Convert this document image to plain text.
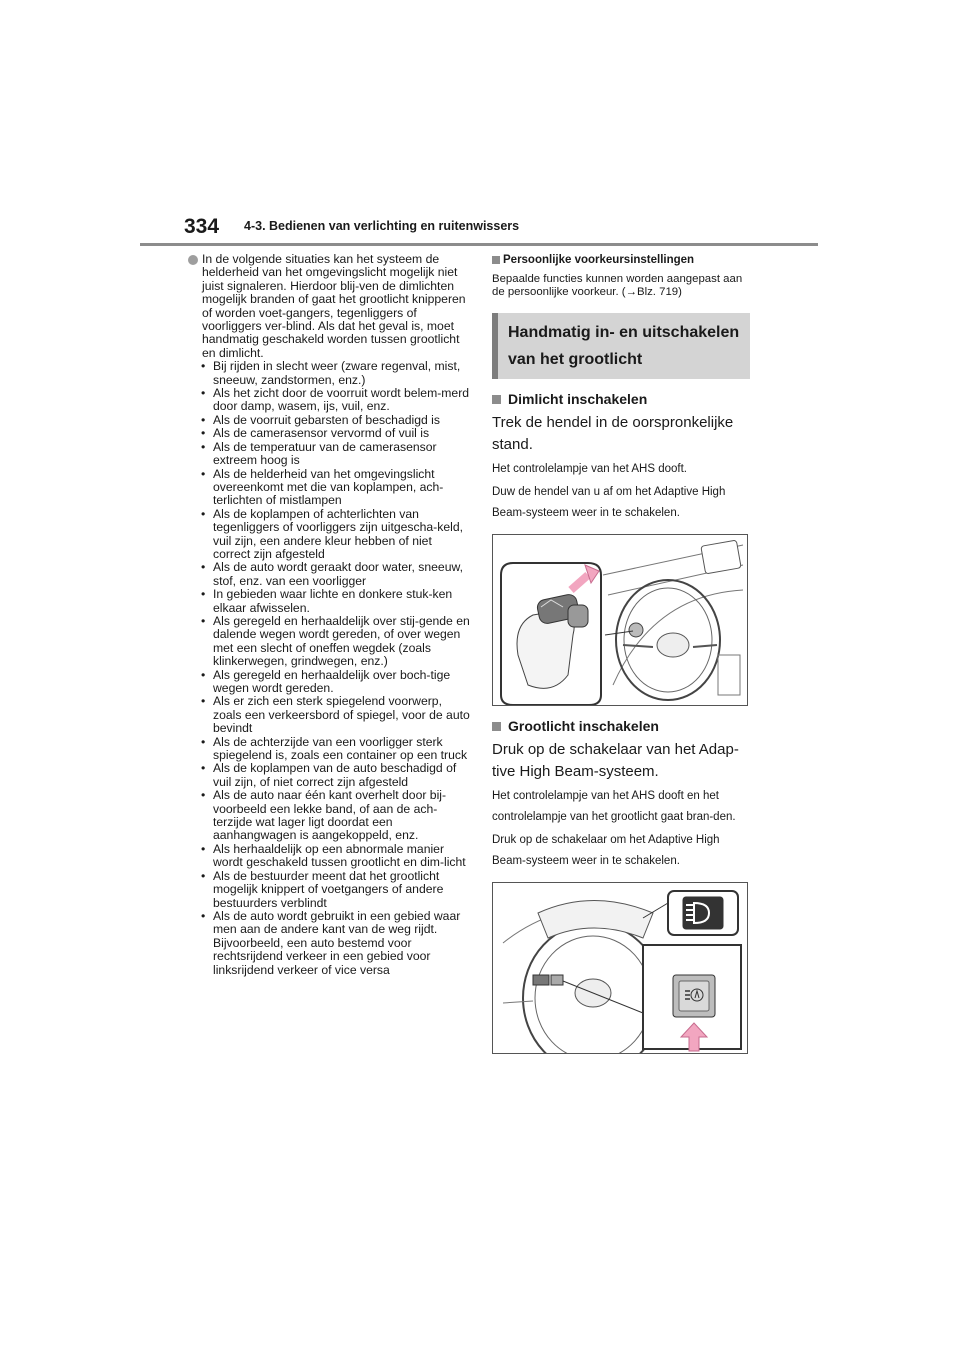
334 4-3. Bedienen van verlichting en ruitenwissers

In de volgende situaties kan het systeem de helderheid van het omgevingslicht mogelijk niet juist signaleren. Hierdoor blij-ven de dimlichten mogelijk branden of gaat het grootlicht knipperen of worden voet-gangers, tegenliggers of voorliggers ver-blind. Als dat het geval is, moet handmatig geschakeld worden tussen grootlicht en dimlicht.

• Bij rijden in slecht weer (zware regenval, mist, sneeuw, zandstormen, enz.)
• Als het zicht door de voorruit wordt belem-merd door damp, wasem, ijs, vuil, enz.
• Als de voorruit gebarsten of beschadigd is
• Als de camerasensor vervormd of vuil is
• Als de temperatuur van de camerasensor extreem hoog is
• Als de helderheid van het omgevingslicht overeenkomt met die van koplampen, ach-terlichten of mistlampen
• Als de koplampen of achterlichten van tegenliggers of voorliggers zijn uitgescha-keld, vuil zijn, een andere kleur hebben of niet correct zijn afgesteld
• Als de auto wordt geraakt door water, sneeuw, stof, enz. van een voorligger
• In gebieden waar lichte en donkere stuk-ken elkaar afwisselen.
• Als geregeld en herhaaldelijk over stij-gende en dalende wegen wordt gereden, of over wegen met een slecht of oneffen wegdek (zoals klinkerwegen, grindwegen, enz.)
• Als geregeld en herhaaldelijk over boch-tige wegen wordt gereden.
• Als er zich een sterk spiegelend voorwerp, zoals een verkeersbord of spiegel, voor de auto bevindt
• Als de achterzijde van een voorligger sterk spiegelend is, zoals een container op een truck
• Als de koplampen van de auto beschadigd of vuil zijn, of niet correct zijn afgesteld
• Als de auto naar één kant overhelt door bij-voorbeeld een lekke band, of aan de ach-terzijde wat lager ligt doordat een aanhangwagen is aangekoppeld, enz.
• Als herhaaldelijk op een abnormale manier wordt geschakeld tussen grootlicht en dim-licht
• Als de bestuurder meent dat het grootlicht mogelijk knippert of voetgangers of andere bestuurders verblindt
• Als de auto wordt gebruikt in een gebied waar men aan de andere kant van de weg rijdt. Bijvoorbeeld, een auto bestemd voor rechtsrijdend verkeer in een gebied voor linksrijdend verkeer of vice versa

Persoonlijke voorkeursinstellingen

Bepaalde functies kunnen worden aangepast aan de persoonlijke voorkeur. (→Blz. 719)

Handmatig in- en uitschakelen
van het grootlicht

Dimlicht inschakelen

Trek de hendel in de oorspronkelijke stand.

Het controlelampje van het AHS dooft.

Duw de hendel van u af om het Adaptive High Beam-systeem weer in te schakelen.

Grootlicht inschakelen

Druk op de schakelaar van het Adap-tive High Beam-systeem.

Het controlelampje van het AHS dooft en het controlelampje van het grootlicht gaat bran-den.

Druk op de schakelaar om het Adaptive High Beam-systeem weer in te schakelen.
